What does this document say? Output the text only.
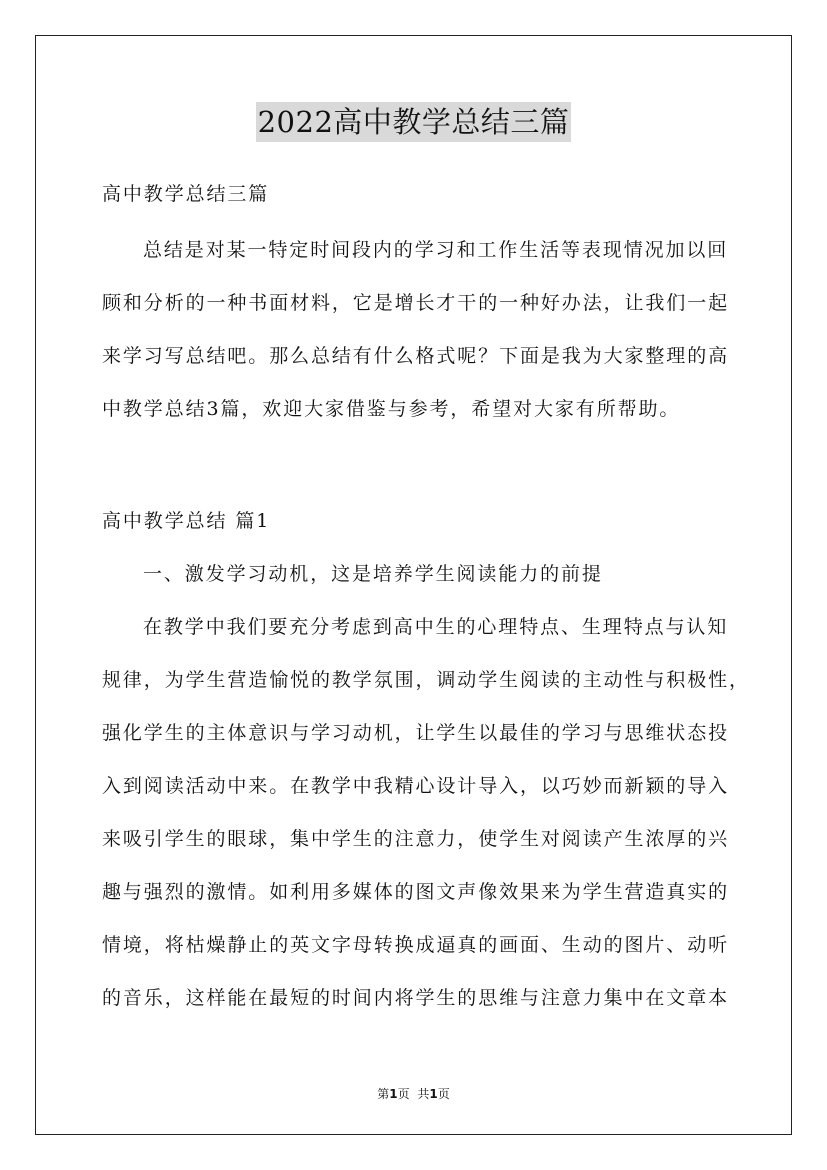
2022高中教学总结三篇
高中教学总结三篇
总结是对某一特定时间段内的学习和工作生活等表现情况加以回
顾和分析的一种书面材料，它是增长才干的一种好办法，让我们一起
来学习写总结吧。那么总结有什么格式呢？下面是我为大家整理的高
中教学总结3篇，欢迎大家借鉴与参考，希望对大家有所帮助。
高中教学总结 篇1
一、激发学习动机，这是培养学生阅读能力的前提
在教学中我们要充分考虑到高中生的心理特点、生理特点与认知
规律，为学生营造愉悦的教学氛围，调动学生阅读的主动性与积极性，
强化学生的主体意识与学习动机，让学生以最佳的学习与思维状态投
入到阅读活动中来。在教学中我精心设计导入，以巧妙而新颖的导入
来吸引学生的眼球，集中学生的注意力，使学生对阅读产生浓厚的兴
趣与强烈的激情。如利用多媒体的图文声像效果来为学生营造真实的
情境，将枯燥静止的英文字母转换成逼真的画面、生动的图片、动听
的音乐，这样能在最短的时间内将学生的思维与注意力集中在文章本
第1页 共1页
